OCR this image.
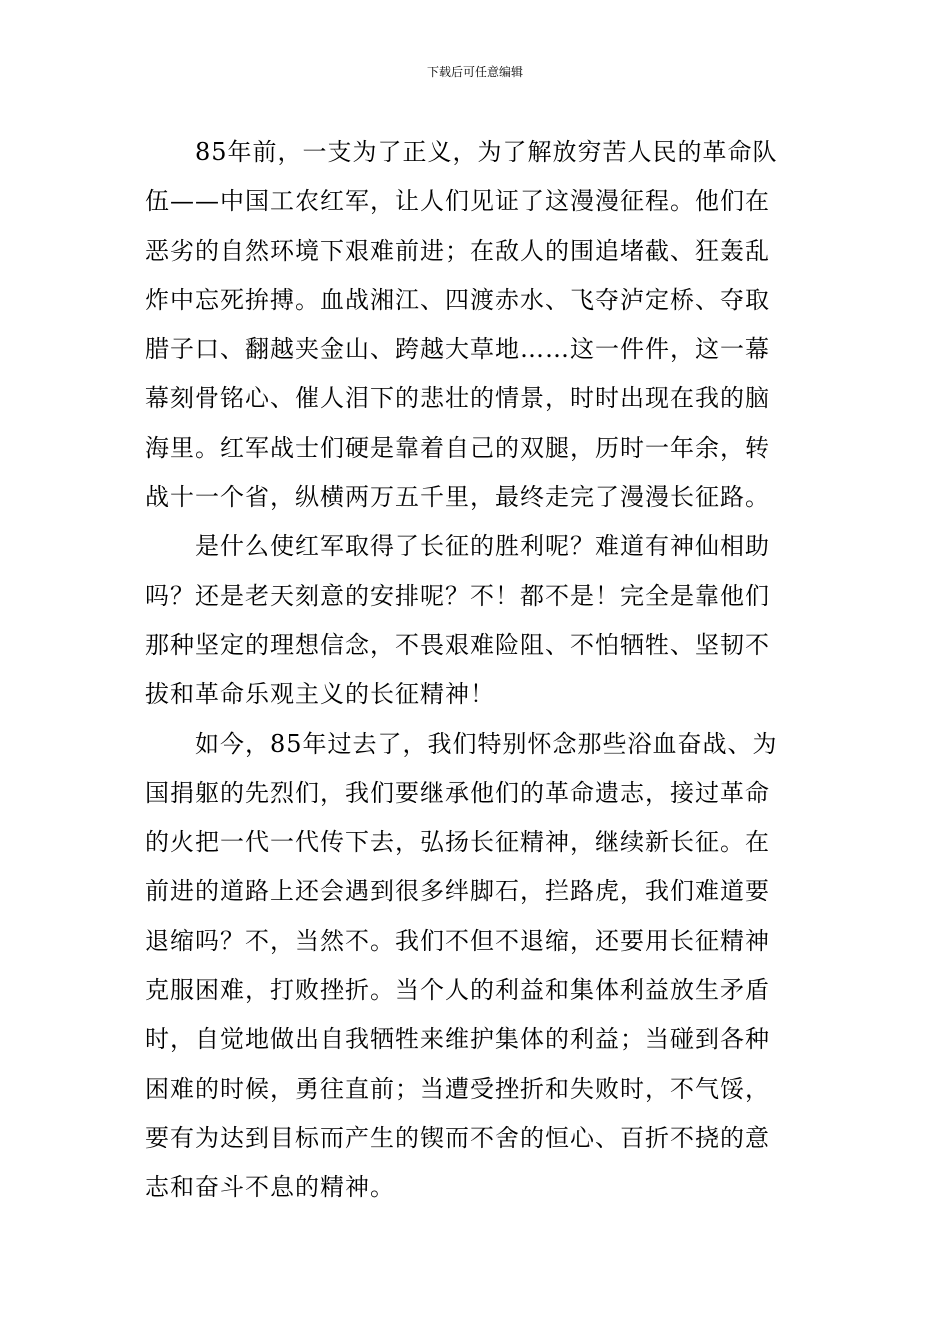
下载后可任意编辑
85年前，一支为了正义，为了解放穷苦人民的革命队
伍——中国工农红军，让人们见证了这漫漫征程。他们在
恶劣的自然环境下艰难前进；在敌人的围追堵截、狂轰乱
炸中忘死拚搏。血战湘江、四渡赤水、飞夺泸定桥、夺取
腊子口、翻越夹金山、跨越大草地……这一件件，这一幕
幕刻骨铭心、催人泪下的悲壮的情景，时时出现在我的脑
海里。红军战士们硬是靠着自己的双腿，历时一年余，转
战十一个省，纵横两万五千里，最终走完了漫漫长征路。
是什么使红军取得了长征的胜利呢？难道有神仙相助
吗？还是老天刻意的安排呢？不！都不是！完全是靠他们
那种坚定的理想信念，不畏艰难险阻、不怕牺牲、坚韧不
拔和革命乐观主义的长征精神！
如今，85年过去了，我们特别怀念那些浴血奋战、为
国捐躯的先烈们，我们要继承他们的革命遗志，接过革命
的火把一代一代传下去，弘扬长征精神，继续新长征。在
前进的道路上还会遇到很多绊脚石，拦路虎，我们难道要
退缩吗？不，当然不。我们不但不退缩，还要用长征精神
克服困难，打败挫折。当个人的利益和集体利益放生矛盾
时，自觉地做出自我牺牲来维护集体的利益；当碰到各种
困难的时候，勇往直前；当遭受挫折和失败时，不气馁，
要有为达到目标而产生的锲而不舍的恒心、百折不挠的意
志和奋斗不息的精神。
